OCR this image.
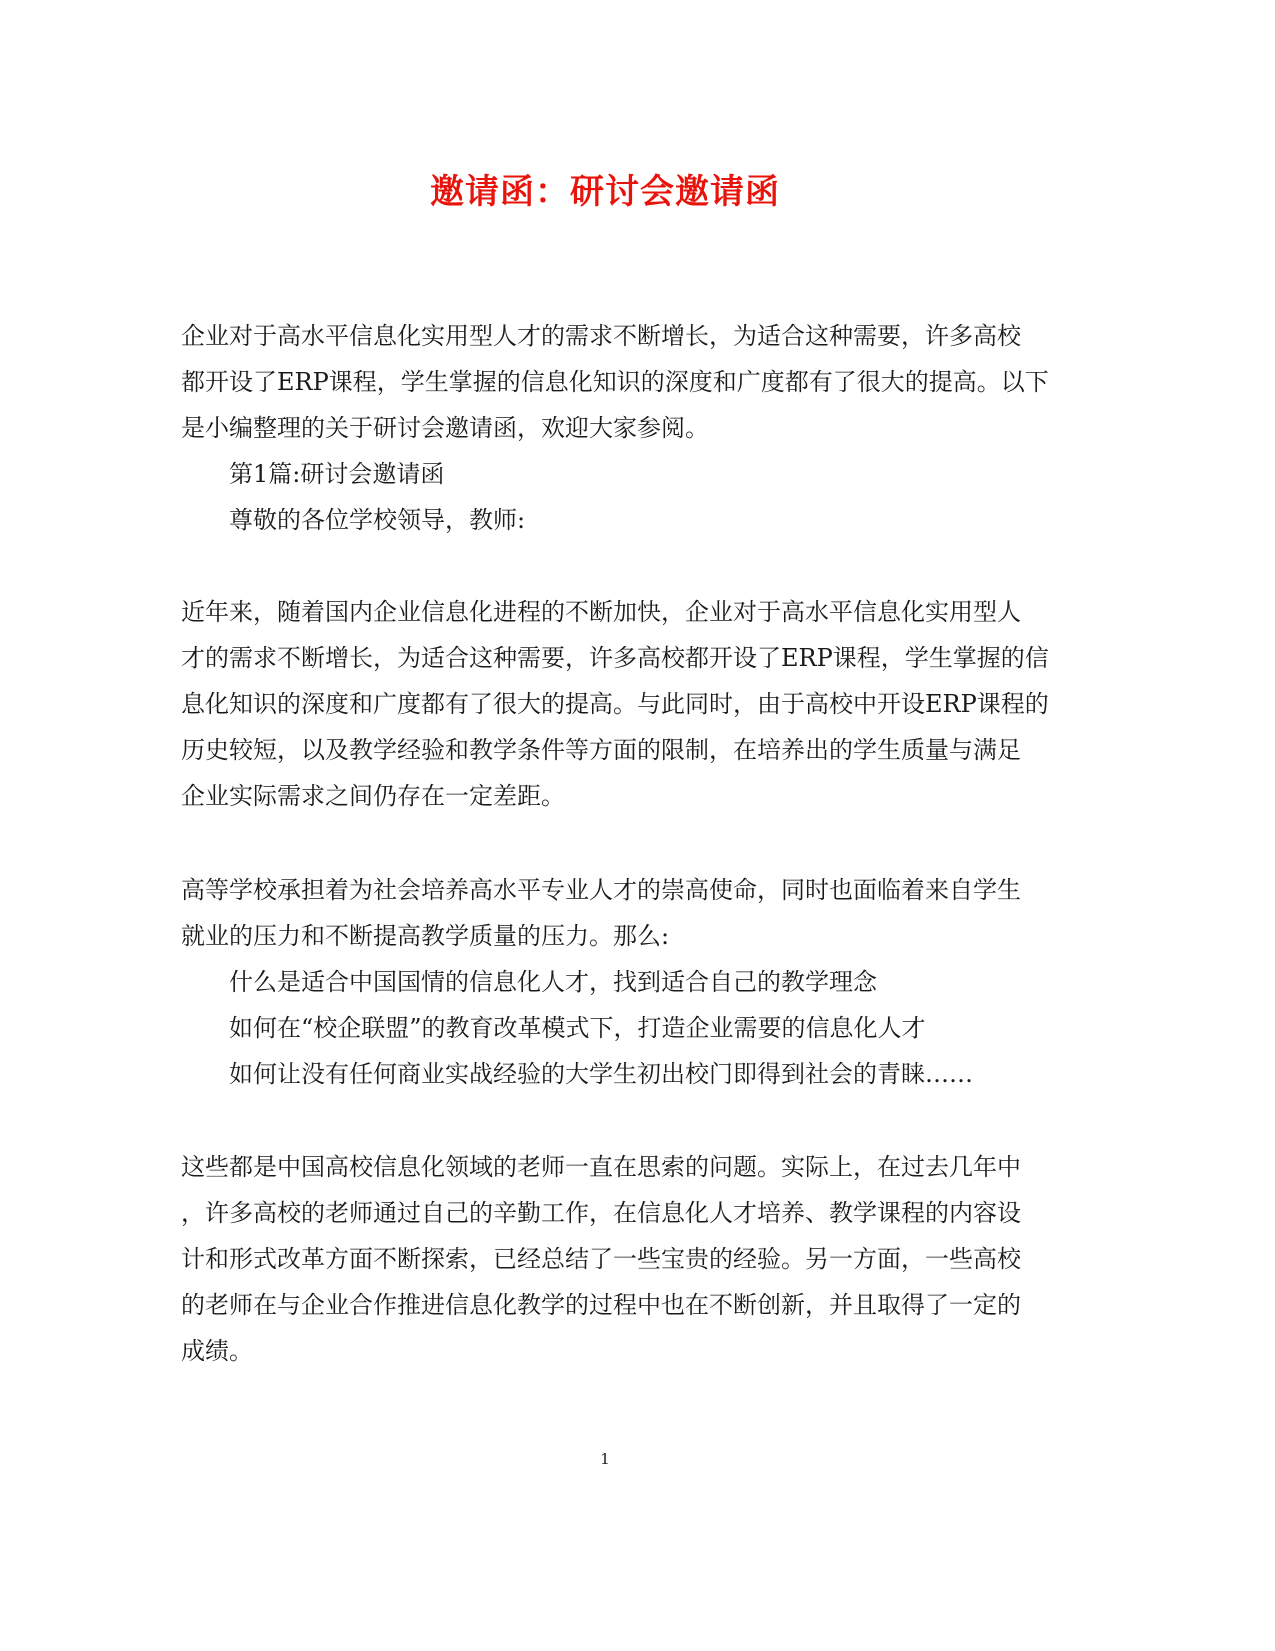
邀请函：研讨会邀请函
企业对于高水平信息化实用型人才的需求不断增长，为适合这种需要，许多高校
都开设了ERP课程，学生掌握的信息化知识的深度和广度都有了很大的提高。以下
是小编整理的关于研讨会邀请函，欢迎大家参阅。
第1篇:研讨会邀请函
尊敬的各位学校领导，教师:
近年来，随着国内企业信息化进程的不断加快，企业对于高水平信息化实用型人
才的需求不断增长，为适合这种需要，许多高校都开设了ERP课程，学生掌握的信
息化知识的深度和广度都有了很大的提高。与此同时，由于高校中开设ERP课程的
历史较短，以及教学经验和教学条件等方面的限制，在培养出的学生质量与满足
企业实际需求之间仍存在一定差距。
高等学校承担着为社会培养高水平专业人才的崇高使命，同时也面临着来自学生
就业的压力和不断提高教学质量的压力。那么:
什么是适合中国国情的信息化人才，找到适合自己的教学理念
如何在“校企联盟”的教育改革模式下，打造企业需要的信息化人才
如何让没有任何商业实战经验的大学生初出校门即得到社会的青睐……
这些都是中国高校信息化领域的老师一直在思索的问题。实际上，在过去几年中
，许多高校的老师通过自己的辛勤工作，在信息化人才培养、教学课程的内容设
计和形式改革方面不断探索，已经总结了一些宝贵的经验。另一方面，一些高校
的老师在与企业合作推进信息化教学的过程中也在不断创新，并且取得了一定的
成绩。
1
